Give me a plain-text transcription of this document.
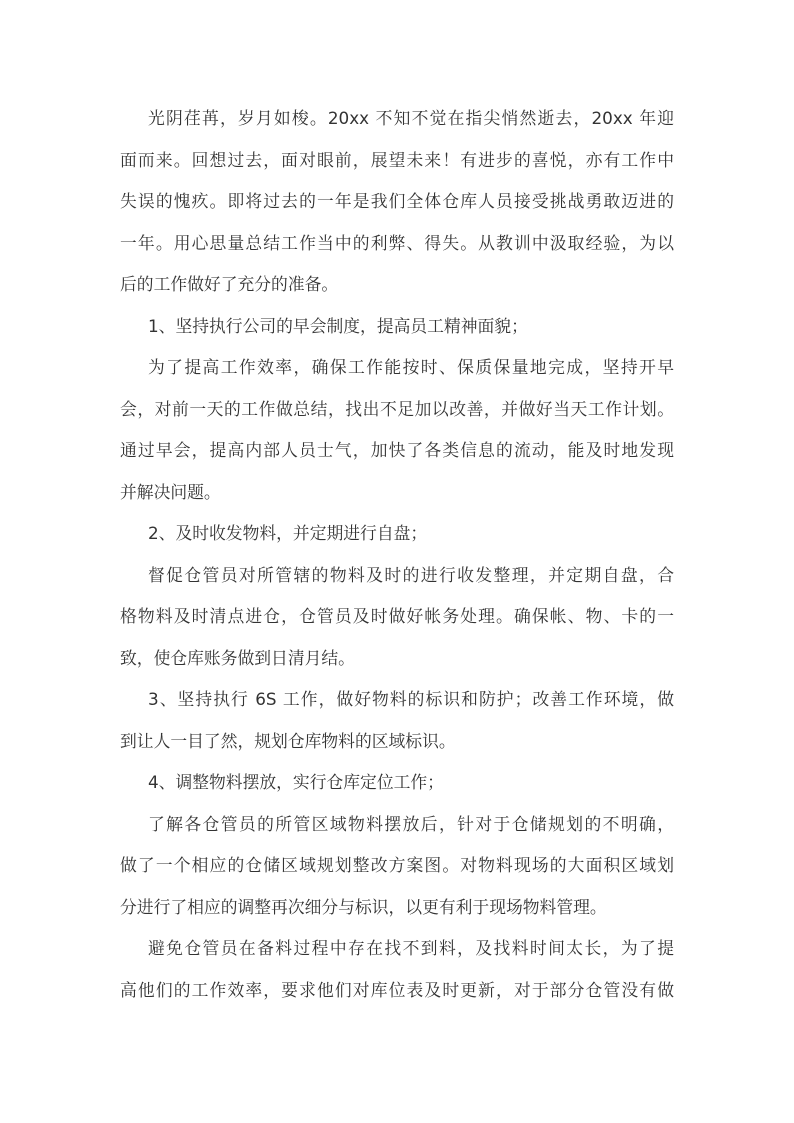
光阴荏苒，岁月如梭。20xx 不知不觉在指尖悄然逝去，20xx 年迎
面而来。回想过去，面对眼前，展望未来！有进步的喜悦，亦有工作中
失误的愧疚。即将过去的一年是我们全体仓库人员接受挑战勇敢迈进的
一年。用心思量总结工作当中的利弊、得失。从教训中汲取经验，为以
后的工作做好了充分的准备。
1、坚持执行公司的早会制度，提高员工精神面貌；
为了提高工作效率，确保工作能按时、保质保量地完成，坚持开早
会，对前一天的工作做总结，找出不足加以改善，并做好当天工作计划。
通过早会，提高内部人员士气，加快了各类信息的流动，能及时地发现
并解决问题。
2、及时收发物料，并定期进行自盘；
督促仓管员对所管辖的物料及时的进行收发整理，并定期自盘，合
格物料及时清点进仓，仓管员及时做好帐务处理。确保帐、物、卡的一
致，使仓库账务做到日清月结。
3、坚持执行 6S 工作，做好物料的标识和防护；改善工作环境，做
到让人一目了然，规划仓库物料的区域标识。
4、调整物料摆放，实行仓库定位工作；
了解各仓管员的所管区域物料摆放后，针对于仓储规划的不明确，
做了一个相应的仓储区域规划整改方案图。对物料现场的大面积区域划
分进行了相应的调整再次细分与标识，以更有利于现场物料管理。
避免仓管员在备料过程中存在找不到料，及找料时间太长，为了提
高他们的工作效率，要求他们对库位表及时更新，对于部分仓管没有做
